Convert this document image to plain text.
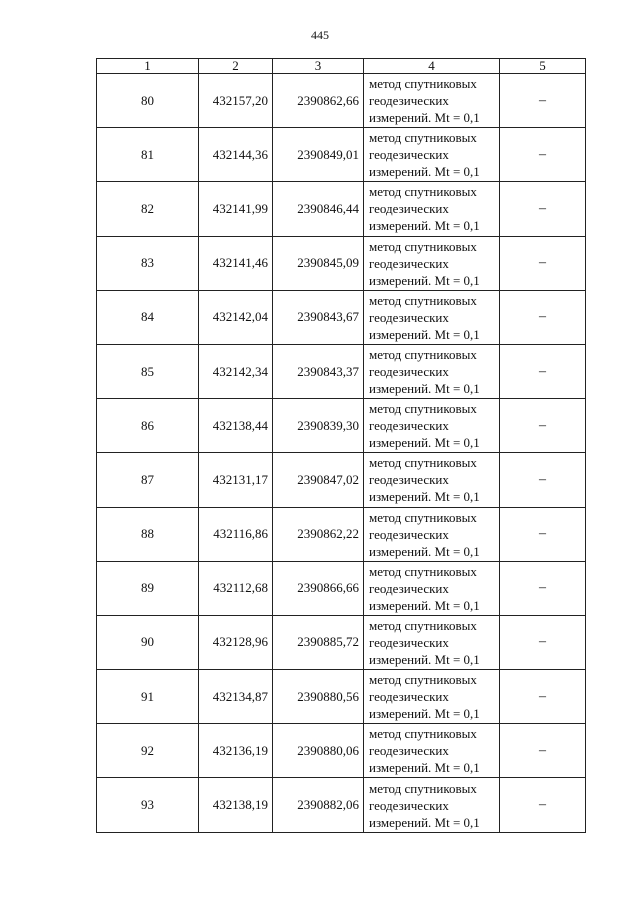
445
1	2	3	4	5
80	432157,20	2390862,66	метод спутниковых
геодезических
измерений. Mt = 0,1	–
81	432144,36	2390849,01	метод спутниковых
геодезических
измерений. Mt = 0,1	–
82	432141,99	2390846,44	метод спутниковых
геодезических
измерений. Mt = 0,1	–
83	432141,46	2390845,09	метод спутниковых
геодезических
измерений. Mt = 0,1	–
84	432142,04	2390843,67	метод спутниковых
геодезических
измерений. Mt = 0,1	–
85	432142,34	2390843,37	метод спутниковых
геодезических
измерений. Mt = 0,1	–
86	432138,44	2390839,30	метод спутниковых
геодезических
измерений. Mt = 0,1	–
87	432131,17	2390847,02	метод спутниковых
геодезических
измерений. Mt = 0,1	–
88	432116,86	2390862,22	метод спутниковых
геодезических
измерений. Mt = 0,1	–
89	432112,68	2390866,66	метод спутниковых
геодезических
измерений. Mt = 0,1	–
90	432128,96	2390885,72	метод спутниковых
геодезических
измерений. Mt = 0,1	–
91	432134,87	2390880,56	метод спутниковых
геодезических
измерений. Mt = 0,1	–
92	432136,19	2390880,06	метод спутниковых
геодезических
измерений. Mt = 0,1	–
93	432138,19	2390882,06	метод спутниковых
геодезических
измерений. Mt = 0,1	–
